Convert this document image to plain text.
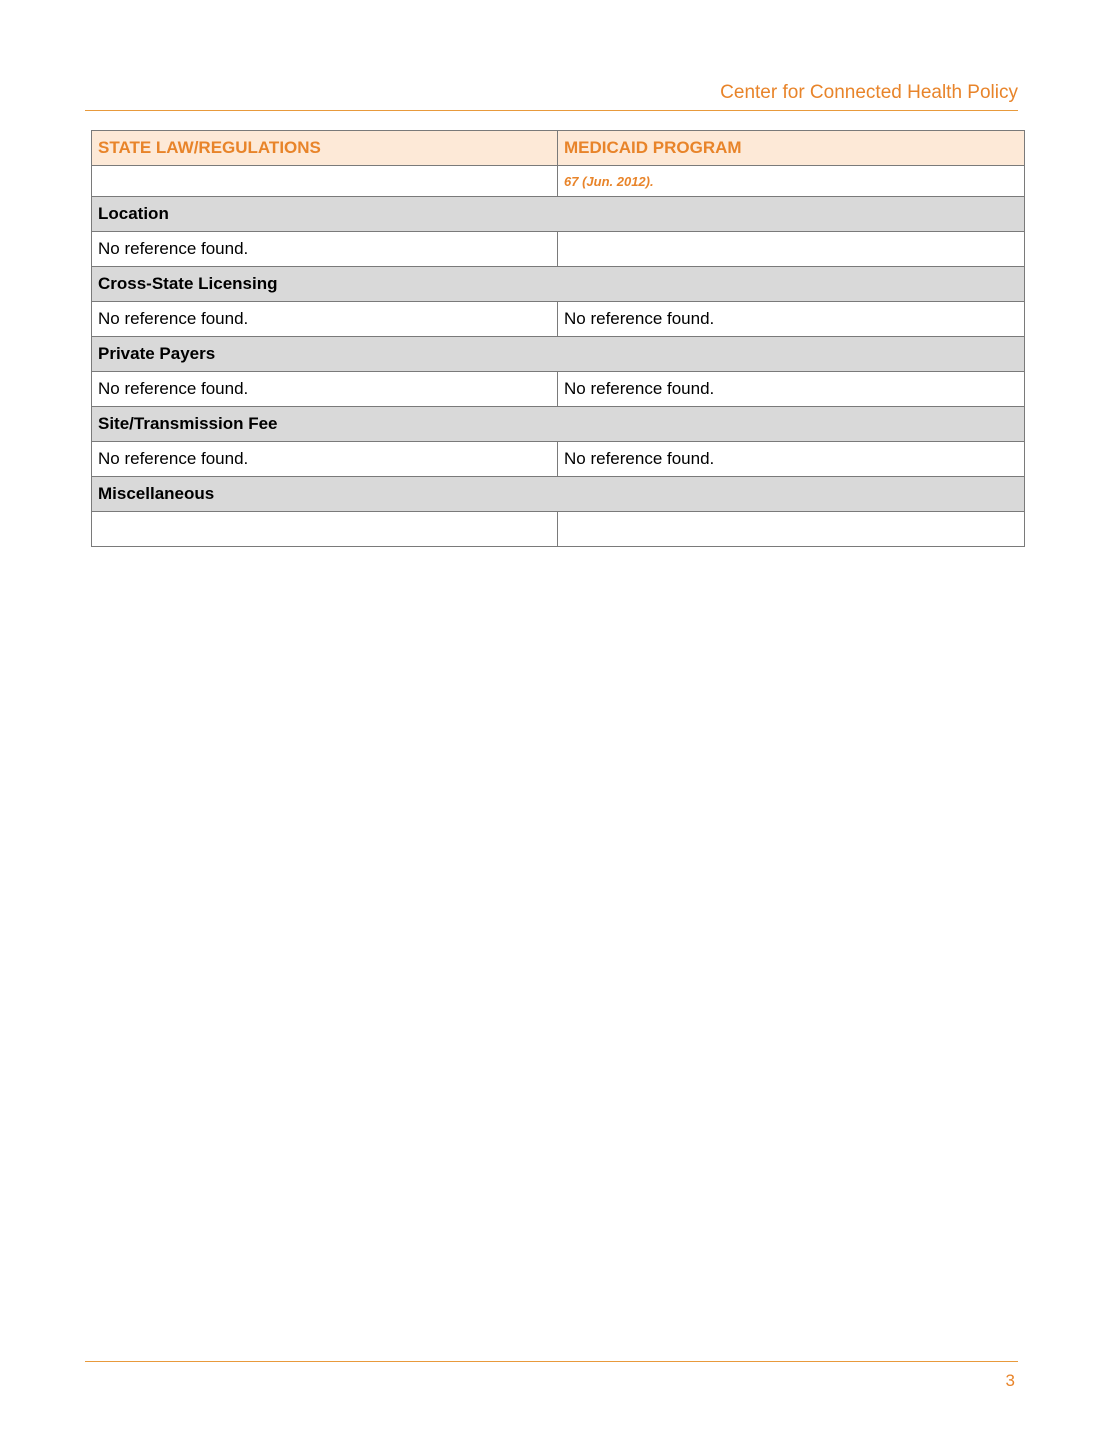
Center for Connected Health Policy
STATE LAW/REGULATIONS	MEDICAID PROGRAM
	67 (Jun. 2012).
Location	
No reference found.	
Cross-State Licensing	
No reference found.	No reference found.
Private Payers	
No reference found.	No reference found.
Site/Transmission Fee	
No reference found.	No reference found.
Miscellaneous	

3
